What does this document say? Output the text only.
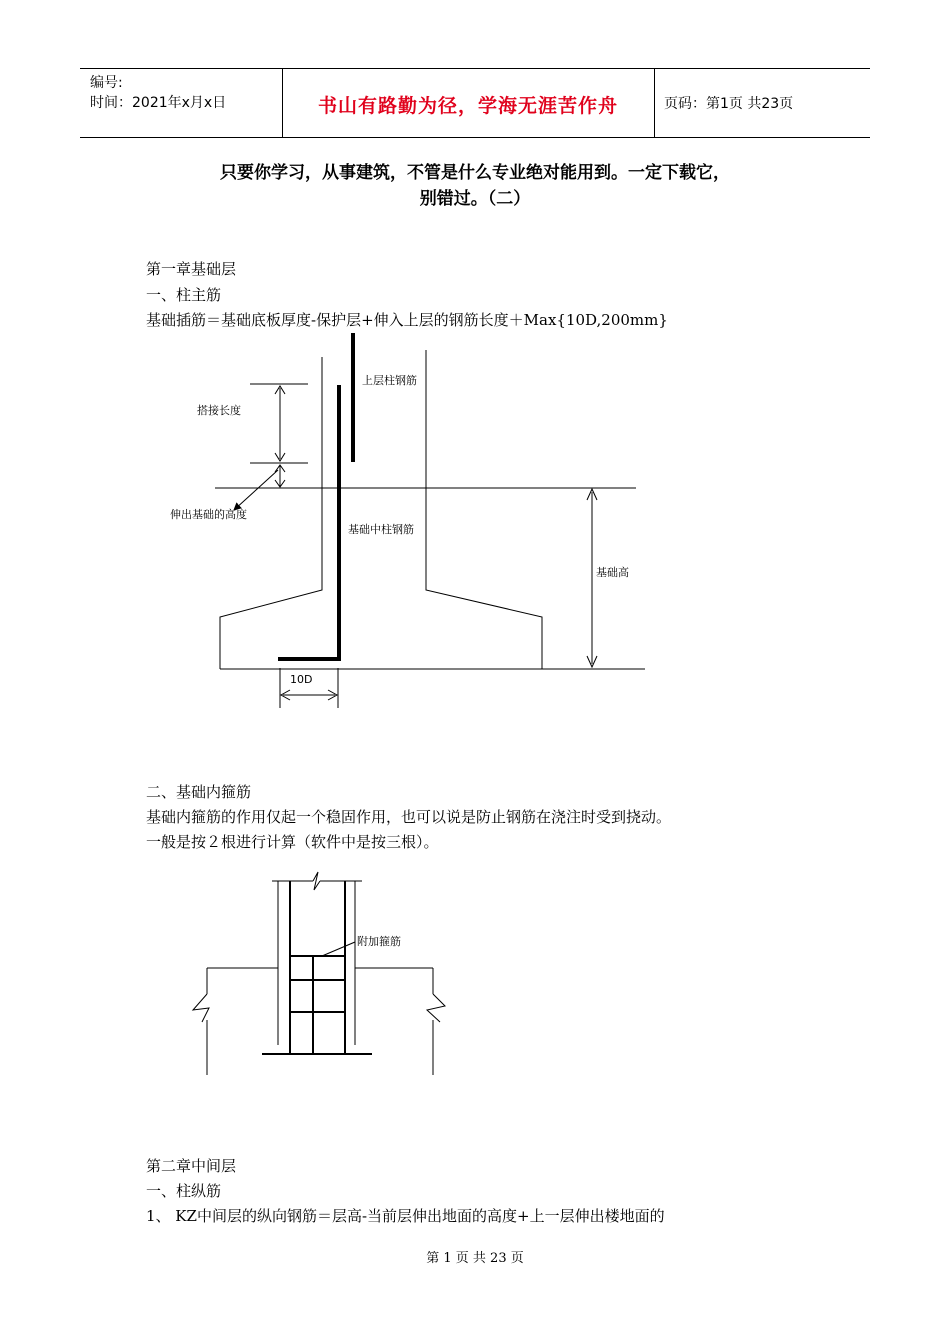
编号:
时间：2021年x月x日	书山有路勤为径，学海无涯苦作舟	页码：第1页 共23页
只要你学习，从事建筑，不管是什么专业绝对能用到。一定下载它，
别错过。（二）
第一章基础层
一、柱主筋
基础插筋＝基础底板厚度-保护层+伸入上层的钢筋长度＋Max{10D,200mm}
上层柱钢筋
搭接长度
伸出基础的高度
基础中柱钢筋
基础高
10D
二、基础内箍筋
基础内箍筋的作用仅起一个稳固作用，也可以说是防止钢筋在浇注时受到挠动。
一般是按２根进行计算（软件中是按三根）。
附加箍筋
第二章中间层
一、柱纵筋
1、 KZ中间层的纵向钢筋＝层高-当前层伸出地面的高度+上一层伸出楼地面的
第 1 页 共 23 页
